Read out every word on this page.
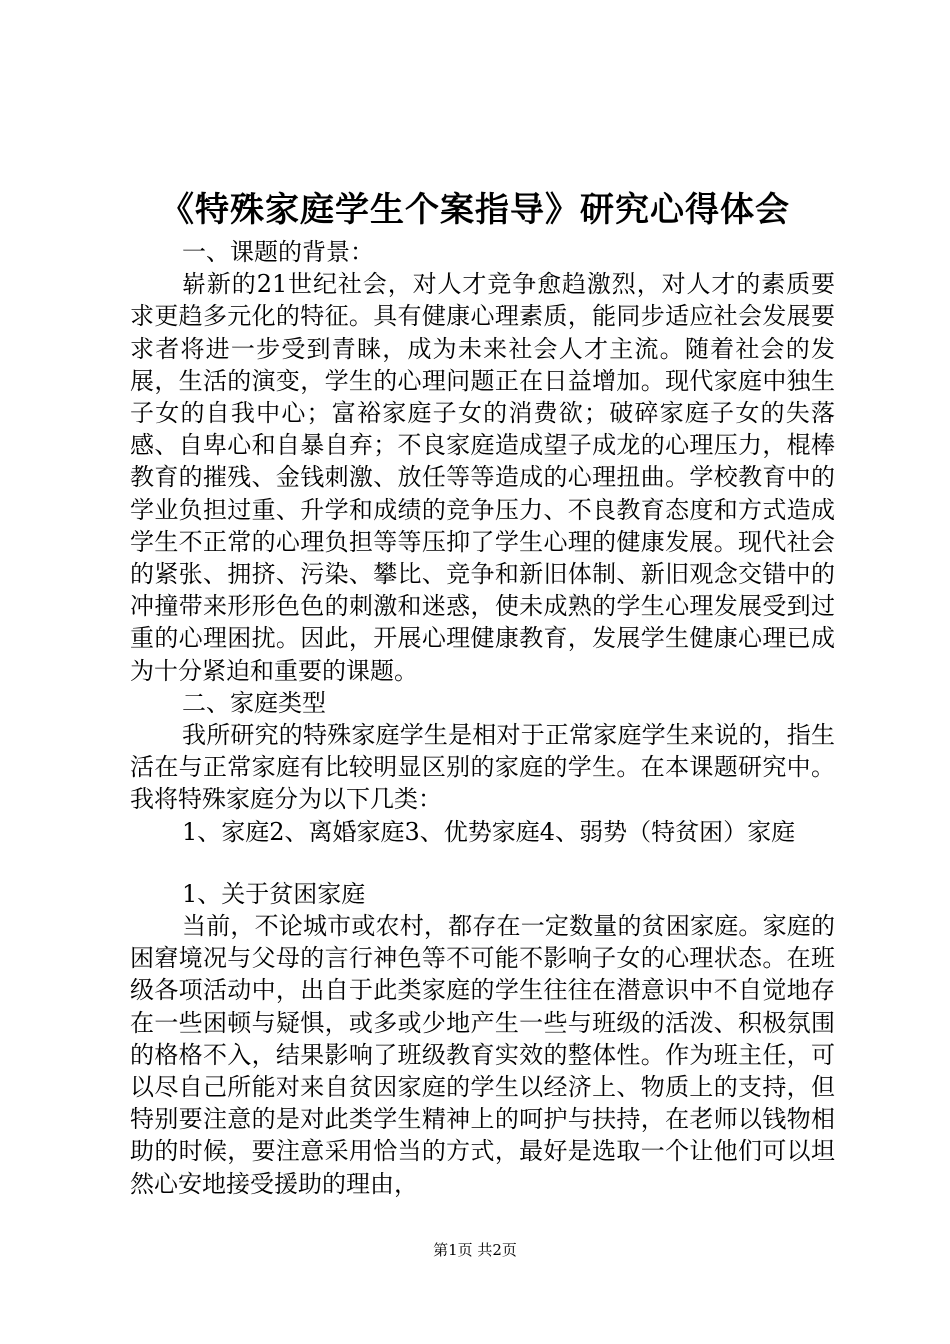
《特殊家庭学生个案指导》研究心得体会

一、课题的背景：

崭新的21世纪社会，对人才竞争愈趋激烈，对人才的素质要求更趋多元化的特征。具有健康心理素质，能同步适应社会发展要求者将进一步受到青睐，成为未来社会人才主流。随着社会的发展，生活的演变，学生的心理问题正在日益增加。现代家庭中独生子女的自我中心；富裕家庭子女的消费欲；破碎家庭子女的失落感、自卑心和自暴自弃；不良家庭造成望子成龙的心理压力，棍棒教育的摧残、金钱刺激、放任等等造成的心理扭曲。学校教育中的学业负担过重、升学和成绩的竞争压力、不良教育态度和方式造成学生不正常的心理负担等等压抑了学生心理的健康发展。现代社会的紧张、拥挤、污染、攀比、竞争和新旧体制、新旧观念交错中的冲撞带来形形色色的刺激和迷惑，使未成熟的学生心理发展受到过重的心理困扰。因此，开展心理健康教育，发展学生健康心理已成为十分紧迫和重要的课题。

二、家庭类型

我所研究的特殊家庭学生是相对于正常家庭学生来说的，指生活在与正常家庭有比较明显区别的家庭的学生。在本课题研究中。我将特殊家庭分为以下几类：

1、家庭2、离婚家庭3、优势家庭4、弱势（特贫困）家庭

1、关于贫困家庭

当前，不论城市或农村，都存在一定数量的贫困家庭。家庭的困窘境况与父母的言行神色等不可能不影响子女的心理状态。在班级各项活动中，出自于此类家庭的学生往往在潜意识中不自觉地存在一些困顿与疑惧，或多或少地产生一些与班级的活泼、积极氛围的格格不入，结果影响了班级教育实效的整体性。作为班主任，可以尽自己所能对来自贫因家庭的学生以经济上、物质上的支持，但特别要注意的是对此类学生精神上的呵护与扶持，在老师以钱物相助的时候，要注意采用恰当的方式，最好是选取一个让他们可以坦然心安地接受援助的理由，

第1页 共2页
